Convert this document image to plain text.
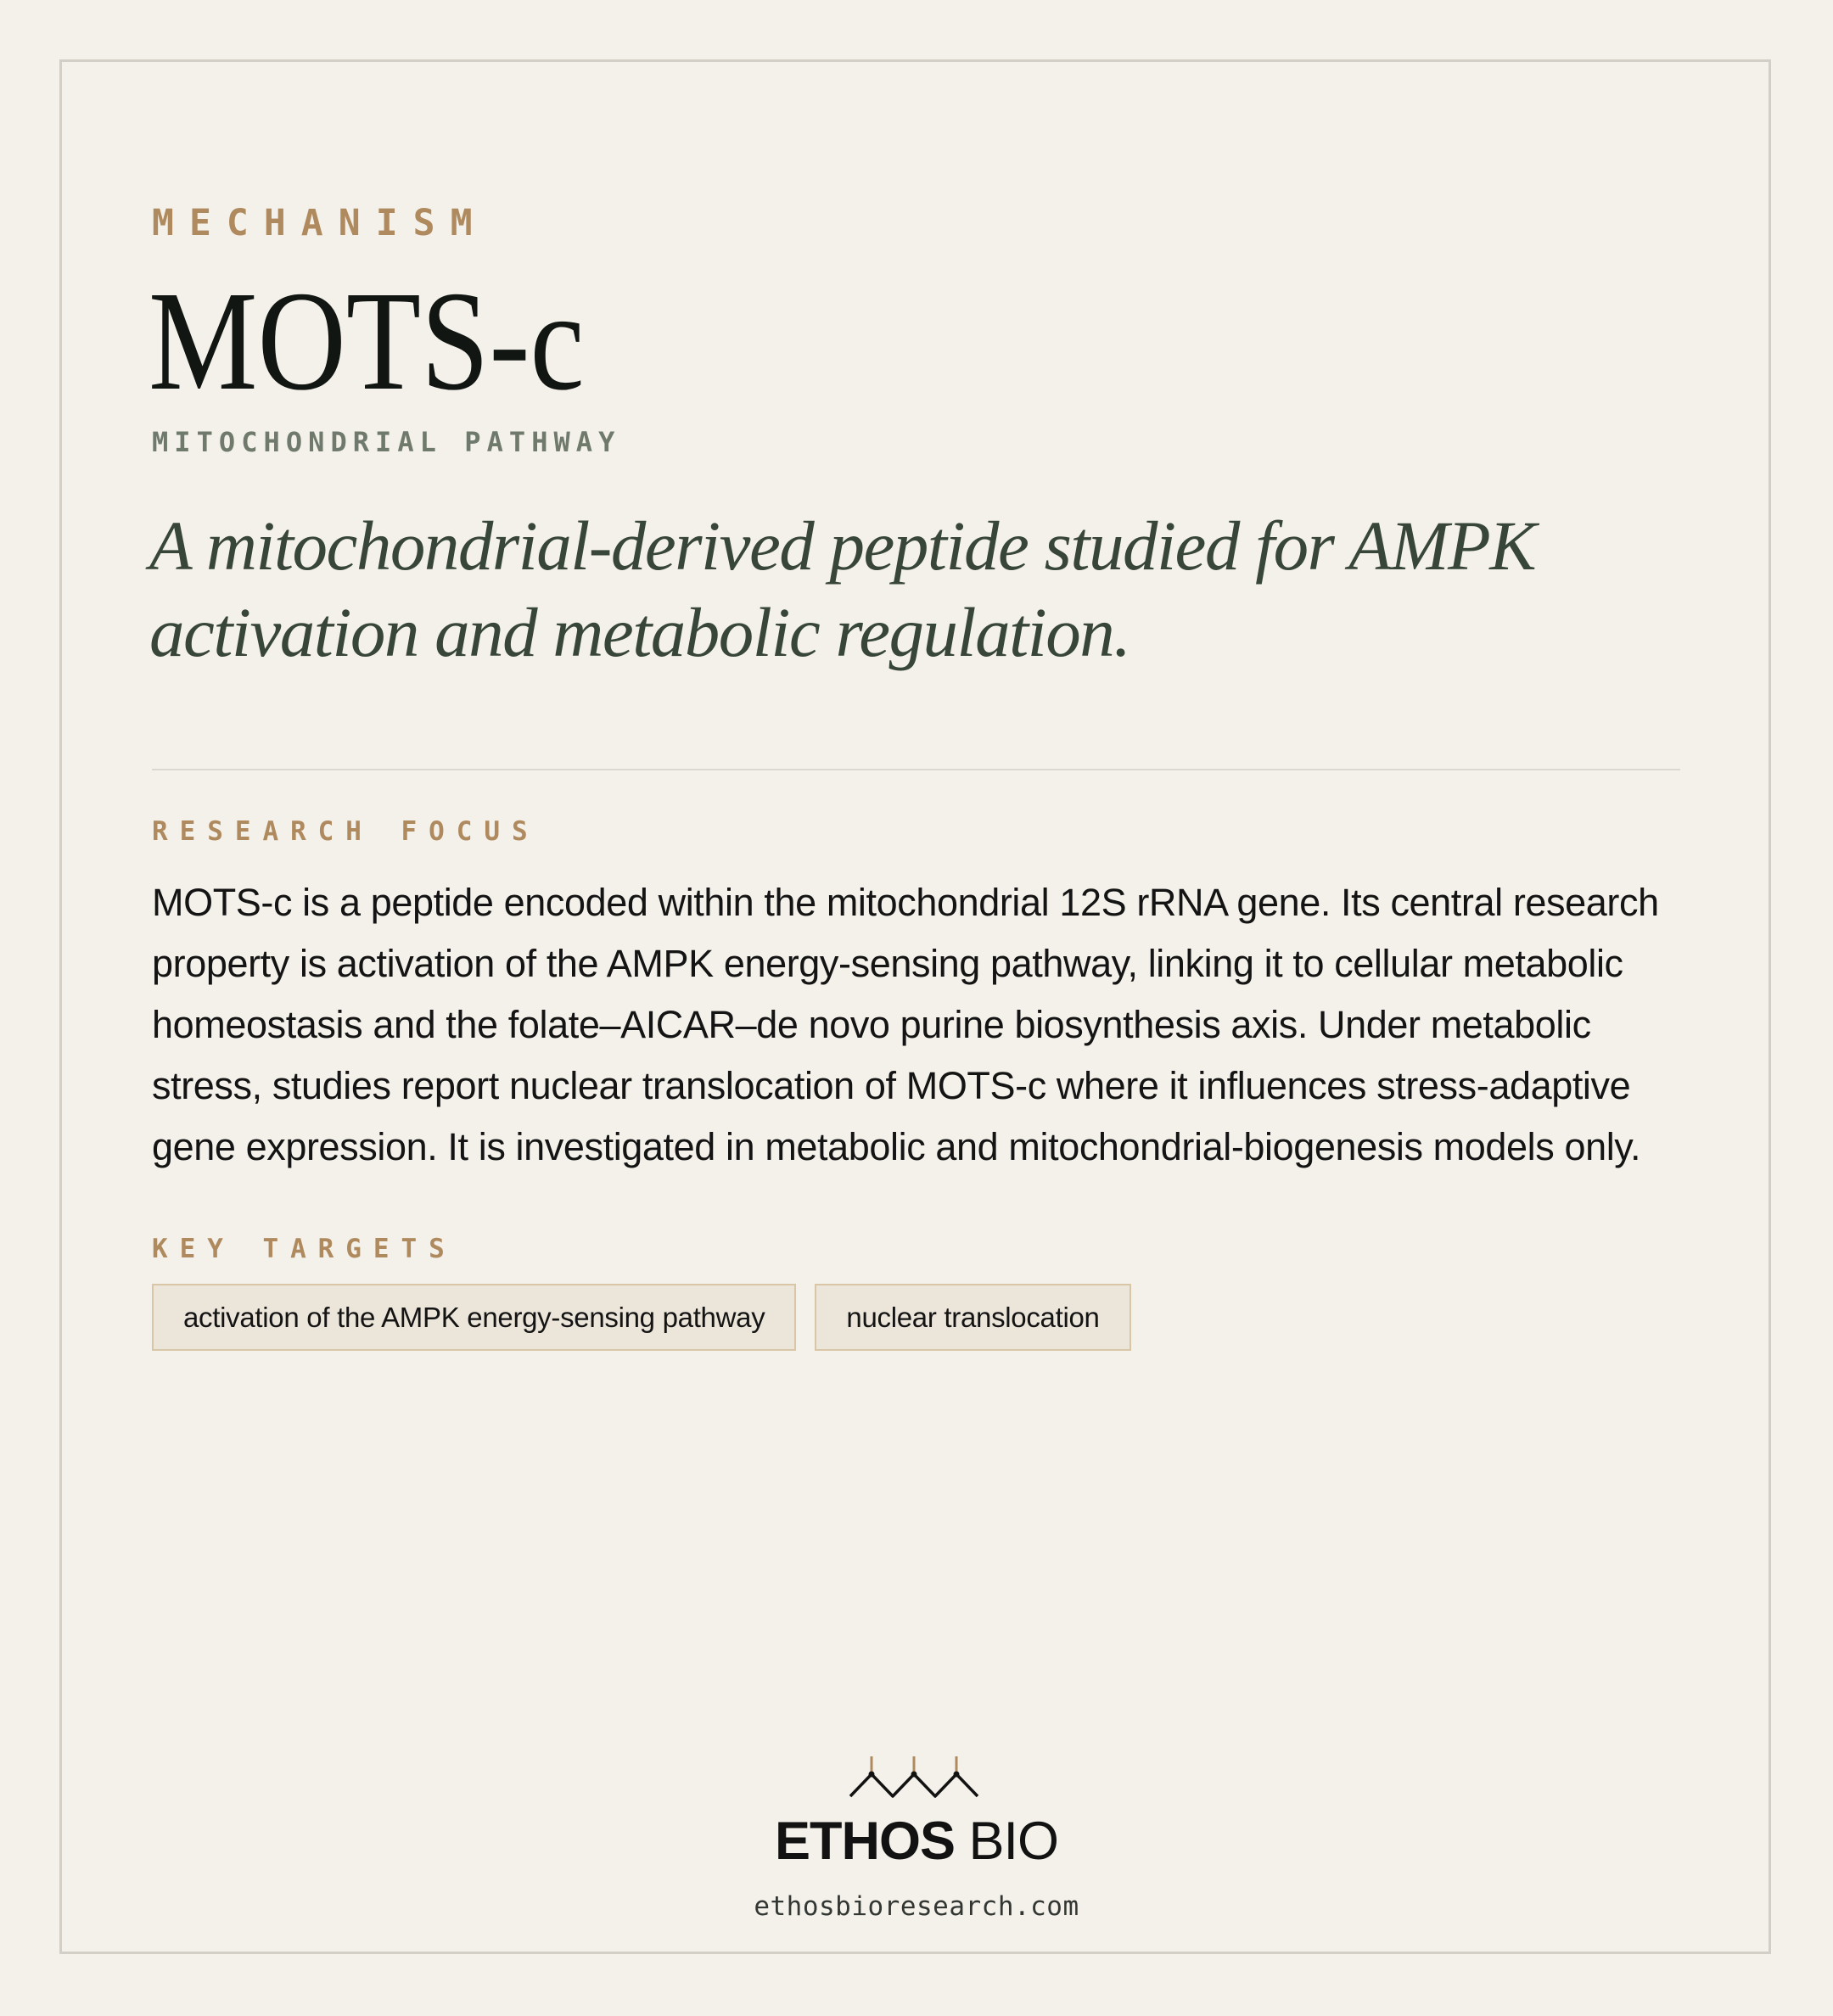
MECHANISM
MOTS-c
MITOCHONDRIAL PATHWAY
A mitochondrial-derived peptide studied for AMPK activation and metabolic regulation.
RESEARCH FOCUS
MOTS-c is a peptide encoded within the mitochondrial 12S rRNA gene. Its central research property is activation of the AMPK energy-sensing pathway, linking it to cellular metabolic homeostasis and the folate–AICAR–de novo purine biosynthesis axis. Under metabolic stress, studies report nuclear translocation of MOTS-c where it influences stress-adaptive gene expression. It is investigated in metabolic and mitochondrial-biogenesis models only.
KEY TARGETS
activation of the AMPK energy-sensing pathway	nuclear translocation
ETHOS BIO
ethosbioresearch.com
